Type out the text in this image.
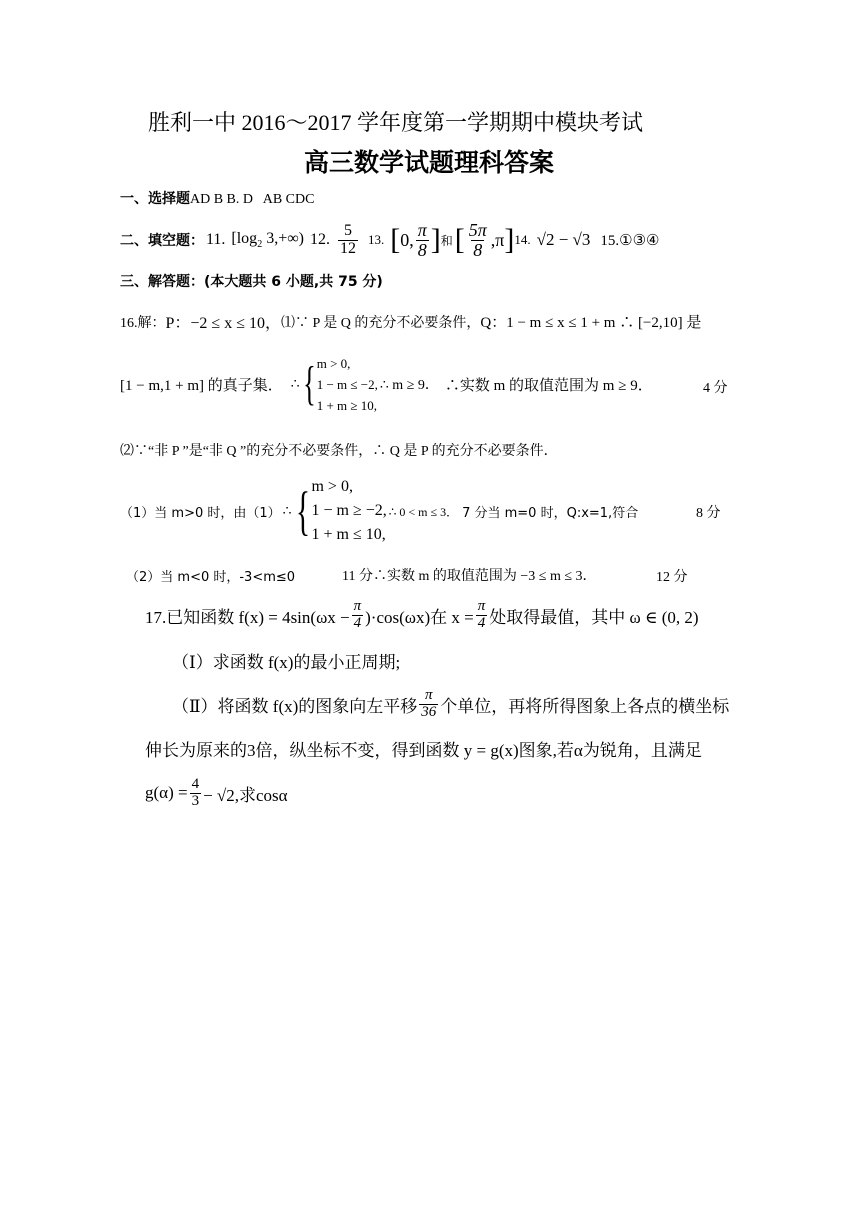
胜利一中 2016～2017 学年度第一学期期中模块考试
高三数学试题理科答案
一、选择题AD B B. D   AB CDC
二、填空题： 11. [$\log_2$ 3,+∞) 12. $\frac{5}{12} 13$. [ 0, $\frac{\pi}{8}$ ] 和 [ $\frac{5\pi}{8} ,\pi$ ] 14. √2 − √3 15.①③④
三、解答题：(本大题共 6 小题,共 75 分)
16.解： P：−2 ≤ x ≤ 10， ⑴∵ P 是 Q 的充分不必要条件， Q：1 − m ≤ x ≤ 1 + m ∴ [−2,10] 是
[1 − m,1 + m] 的真子集． ∴ { m > 0,
1 − m ≤ −2,
1 + m ≥ 10,
∴ m ≥ 9． ∴实数 m 的取值范围为 m ≥ 9．	4 分
⑵∵“非 P ”是“非 Q ”的充分不必要条件，∴ Q 是 P 的充分不必要条件．
（1）当 m>0 时，由（1） ∴ { m > 0,
1 − m ≥ −2,
1 + m ≤ 10,
∴ 0 < m ≤ 3． 7 分当 m=0 时，Q:x=1,符合	8 分
（2）当 m<0 时，-3<m≤0	11 分∴实数 m 的取值范围为 −3 ≤ m ≤ 3．	12 分
17.已知函数 $f(x) = 4\sin(\omega x - \frac{\pi}{4} )\cdot\cos(\omega x)$在 $x = \frac{\pi}{4}$ 处取得最值，其中 ω ∈ (0, 2)
（Ⅰ）求函数 f(x)的最小正周期;
（Ⅱ）将函数 f(x)的图象向左平移 $\frac{\pi}{36}$ 个单位，再将所得图象上各点的横坐标
伸长为原来的3倍，纵坐标不变，得到函数 y = g(x)图象,若α为锐角，且满足
$g(\alpha) = \frac{4}{3} - √2$,求cosα
